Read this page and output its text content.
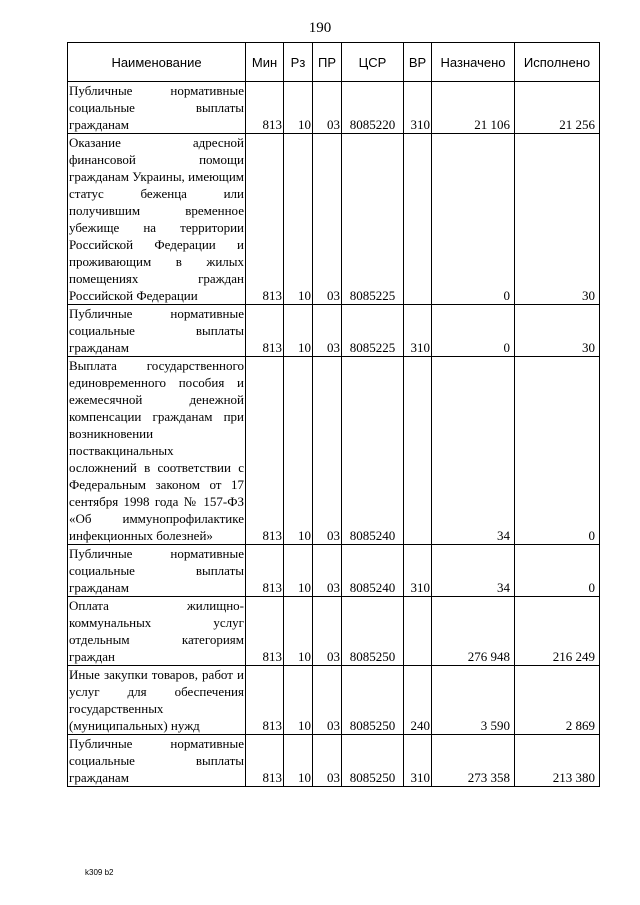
190
Наименование	Мин	Рз	ПР	ЦСР	ВР	Назначено	Исполнено
Публичные нормативные социальные выплаты гражданам	813	10	03	8085220	310	21 106	21 256
Оказание адресной финансовой помощи гражданам Украины, имеющим статус беженца или получившим временное убежище на территории Российской Федерации и проживающим в жилых помещениях граждан Российской Федерации	813	10	03	8085225		0	30
Публичные нормативные социальные выплаты гражданам	813	10	03	8085225	310	0	30
Выплата государственного единовременного пособия и ежемесячной денежной компенсации гражданам при возникновении поствакцинальных осложнений в соответствии с Федеральным законом от 17 сентября 1998 года № 157-ФЗ «Об иммунопрофилактике инфекционных болезней»	813	10	03	8085240		34	0
Публичные нормативные социальные выплаты гражданам	813	10	03	8085240	310	34	0
Оплата жилищно-коммунальных услуг отдельным категориям граждан	813	10	03	8085250		276 948	216 249
Иные закупки товаров, работ и услуг для обеспечения государственных (муниципальных) нужд	813	10	03	8085250	240	3 590	2 869
Публичные нормативные социальные выплаты гражданам	813	10	03	8085250	310	273 358	213 380
k309 b2
